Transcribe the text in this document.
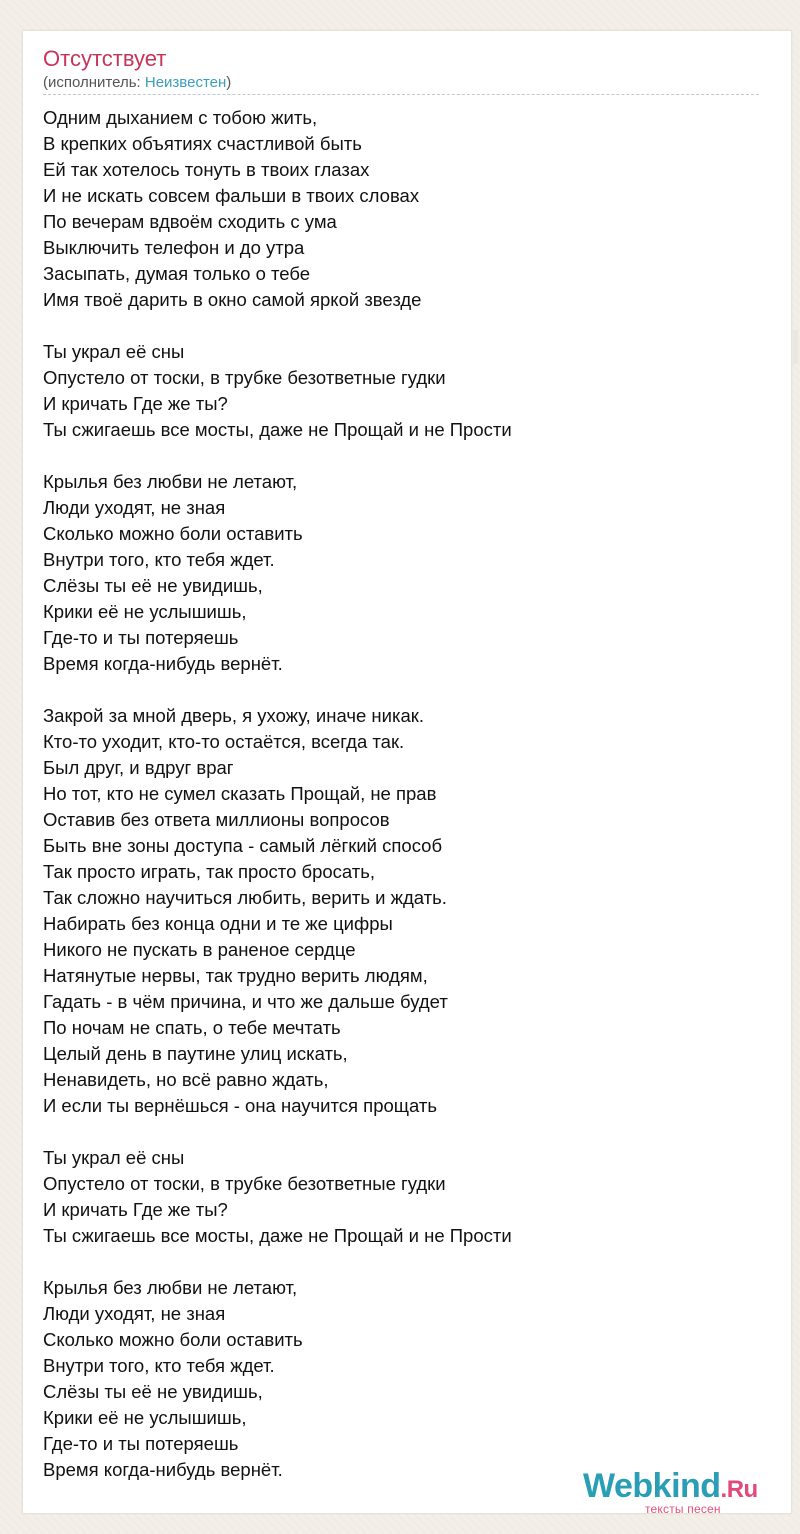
Отсутствует
(исполнитель: Неизвестен)
Одним дыханием с тобою жить,
В крепких объятиях счастливой быть
Ей так хотелось тонуть в твоих глазах
И не искать совсем фальши в твоих словах
По вечерам вдвоём сходить с ума
Выключить телефон и до утра
Засыпать, думая только о тебе
Имя твоё дарить в окно самой яркой звезде
Ты украл её сны
Опустело от тоски, в трубке безответные гудки
И кричать Где же ты?
Ты сжигаешь все мосты, даже не Прощай и не Прости
Крылья без любви не летают,
Люди уходят, не зная
Сколько можно боли оставить
Внутри того, кто тебя ждет.
Слёзы ты её не увидишь,
Крики её не услышишь,
Где-то и ты потеряешь
Время когда-нибудь вернёт.
Закрой за мной дверь, я ухожу, иначе никак.
Кто-то уходит, кто-то остаётся, всегда так.
Был друг, и вдруг враг
Но тот, кто не сумел сказать Прощай, не прав
Оставив без ответа миллионы вопросов
Быть вне зоны доступа - самый лёгкий способ
Так просто играть, так просто бросать,
Так сложно научиться любить, верить и ждать.
Набирать без конца одни и те же цифры
Никого не пускать в раненое сердце
Натянутые нервы, так трудно верить людям,
Гадать - в чём причина, и что же дальше будет
По ночам не спать, о тебе мечтать
Целый день в паутине улиц искать,
Ненавидеть, но всё равно ждать,
И если ты вернёшься - она научится прощать
Ты украл её сны
Опустело от тоски, в трубке безответные гудки
И кричать Где же ты?
Ты сжигаешь все мосты, даже не Прощай и не Прости
Крылья без любви не летают,
Люди уходят, не зная
Сколько можно боли оставить
Внутри того, кто тебя ждет.
Слёзы ты её не увидишь,
Крики её не услышишь,
Где-то и ты потеряешь
Время когда-нибудь вернёт.	Webkind.Ru
тексты песен
